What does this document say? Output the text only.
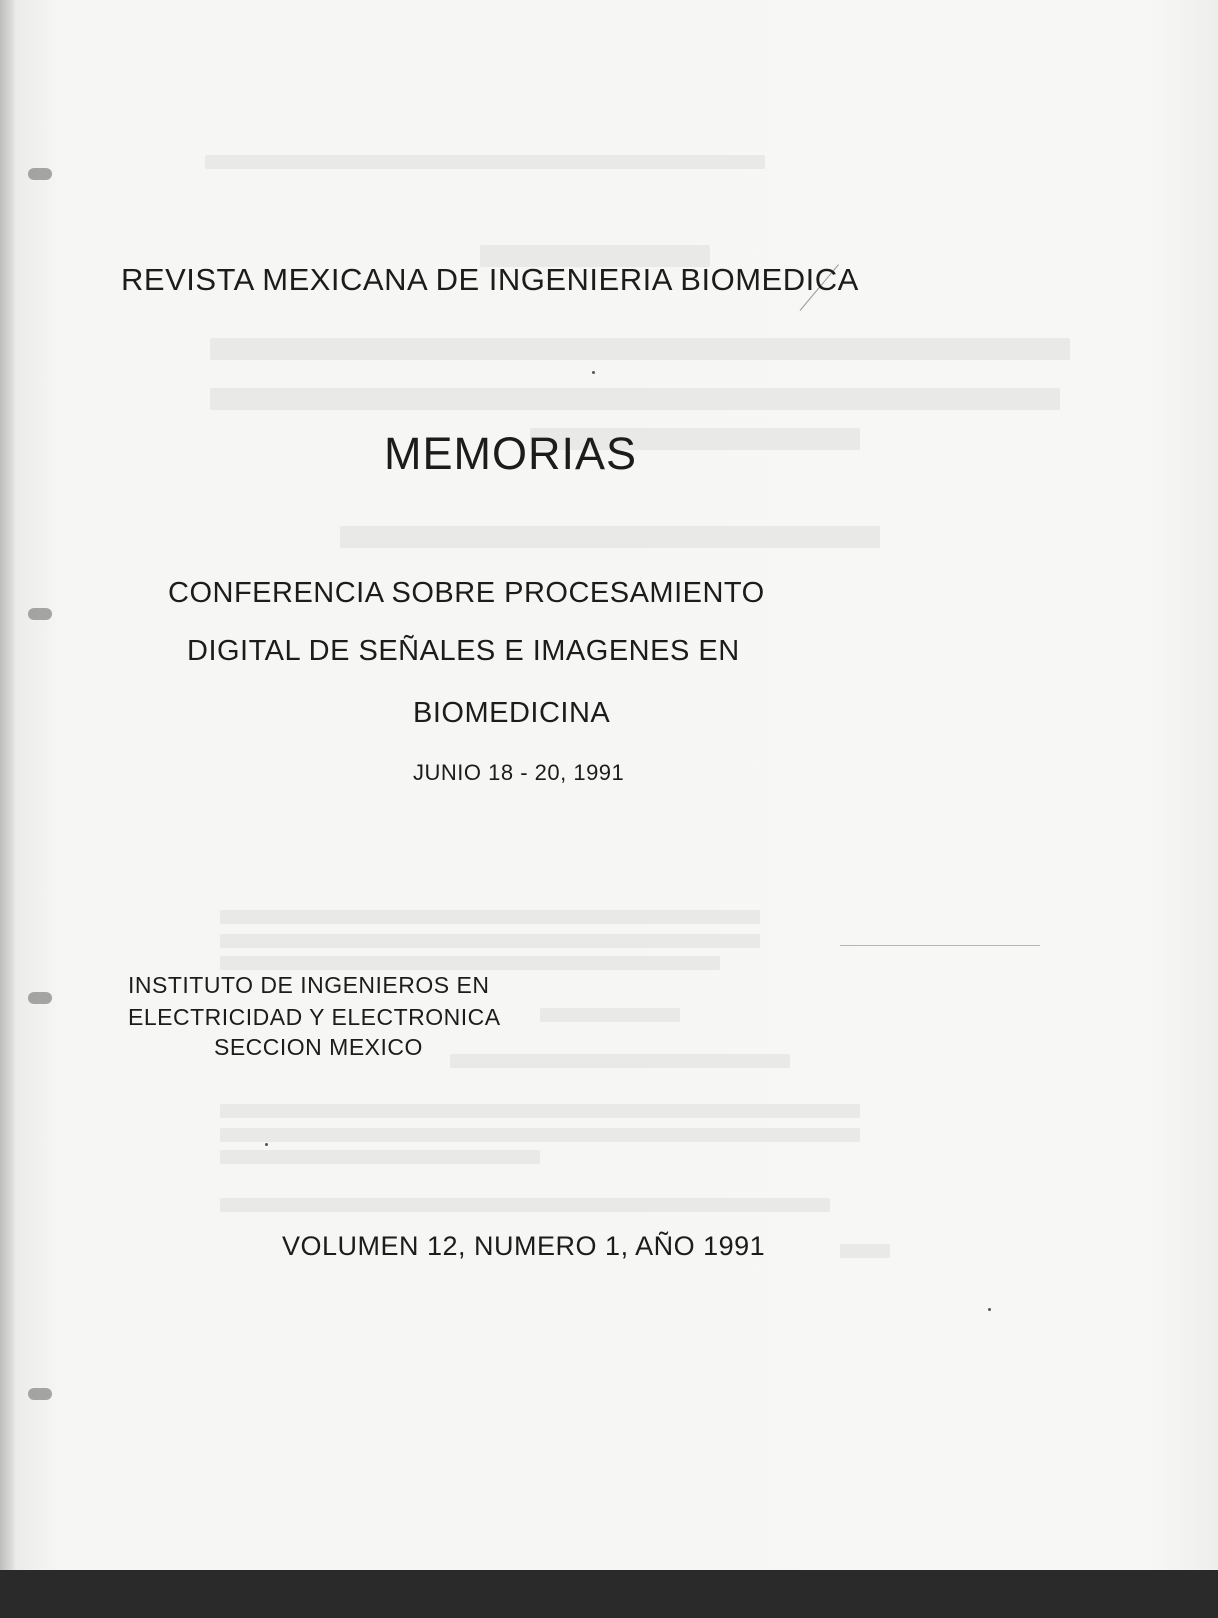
REVISTA MEXICANA DE INGENIERIA BIOMEDICA
MEMORIAS
CONFERENCIA SOBRE PROCESAMIENTO
DIGITAL DE SEÑALES E IMAGENES EN
BIOMEDICINA
JUNIO 18 - 20, 1991
INSTITUTO DE INGENIEROS EN
ELECTRICIDAD Y ELECTRONICA
SECCION MEXICO
VOLUMEN 12, NUMERO 1, AÑO 1991
